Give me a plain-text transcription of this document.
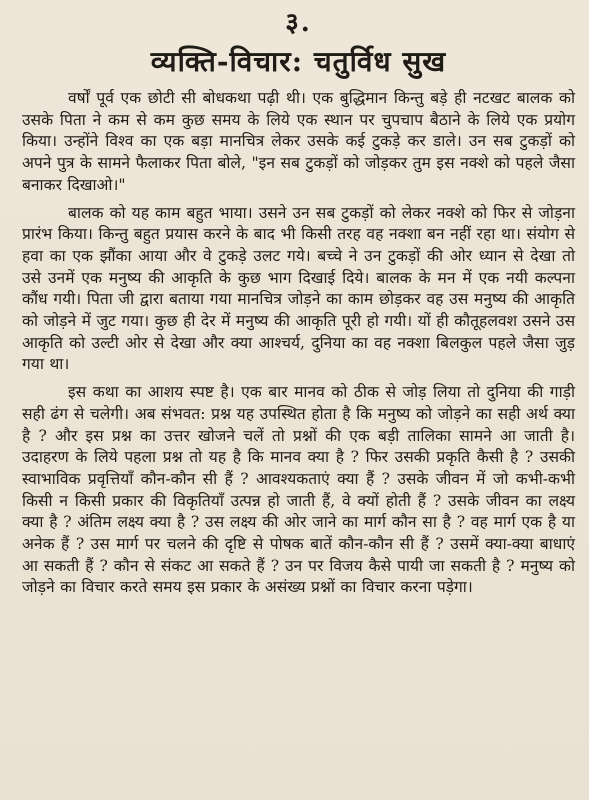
३.
व्यक्ति-विचार: चतुर्विध सुख

वर्षों पूर्व एक छोटी सी बोधकथा पढ़ी थी। एक बुद्धिमान किन्तु बड़े ही नटखट बालक को उसके पिता ने कम से कम कुछ समय के लिये एक स्थान पर चुपचाप बैठाने के लिये एक प्रयोग किया। उन्होंने विश्व का एक बड़ा मानचित्र लेकर उसके कई टुकड़े कर डाले। उन सब टुकड़ों को अपने पुत्र के सामने फैलाकर पिता बोले, "इन सब टुकड़ों को जोड़कर तुम इस नक्शे को पहले जैसा बनाकर दिखाओ।"

बालक को यह काम बहुत भाया। उसने उन सब टुकड़ों को लेकर नक्शे को फिर से जोड़ना प्रारंभ किया। किन्तु बहुत प्रयास करने के बाद भी किसी तरह वह नक्शा बन नहीं रहा था। संयोग से हवा का एक झौंका आया और वे टुकड़े उलट गये। बच्चे ने उन टुकड़ों की ओर ध्यान से देखा तो उसे उनमें एक मनुष्य की आकृति के कुछ भाग दिखाई दिये। बालक के मन में एक नयी कल्पना कौंध गयी। पिता जी द्वारा बताया गया मानचित्र जोड़ने का काम छोड़कर वह उस मनुष्य की आकृति को जोड़ने में जुट गया। कुछ ही देर में मनुष्य की आकृति पूरी हो गयी। यों ही कौतूहलवश उसने उस आकृति को उल्टी ओर से देखा और क्या आश्चर्य, दुनिया का वह नक्शा बिलकुल पहले जैसा जुड़ गया था।

इस कथा का आशय स्पष्ट है। एक बार मानव को ठीक से जोड़ लिया तो दुनिया की गाड़ी सही ढंग से चलेगी। अब संभवत: प्रश्न यह उपस्थित होता है कि मनुष्य को जोड़ने का सही अर्थ क्या है ? और इस प्रश्न का उत्तर खोजने चलें तो प्रश्नों की एक बड़ी तालिका सामने आ जाती है। उदाहरण के लिये पहला प्रश्न तो यह है कि मानव क्या है ? फिर उसकी प्रकृति कैसी है ? उसकी स्वाभाविक प्रवृत्तियाँ कौन-कौन सी हैं ? आवश्यकताएं क्या हैं ? उसके जीवन में जो कभी-कभी किसी न किसी प्रकार की विकृतियाँ उत्पन्न हो जाती हैं, वे क्यों होती हैं ? उसके जीवन का लक्ष्य क्या है ? अंतिम लक्ष्य क्या है ? उस लक्ष्य की ओर जाने का मार्ग कौन सा है ? वह मार्ग एक है या अनेक हैं ? उस मार्ग पर चलने की दृष्टि से पोषक बातें कौन-कौन सी हैं ? उसमें क्या-क्या बाधाएं आ सकती हैं ? कौन से संकट आ सकते हैं ? उन पर विजय कैसे पायी जा सकती है ? मनुष्य को जोड़ने का विचार करते समय इस प्रकार के असंख्य प्रश्नों का विचार करना पड़ेगा।
